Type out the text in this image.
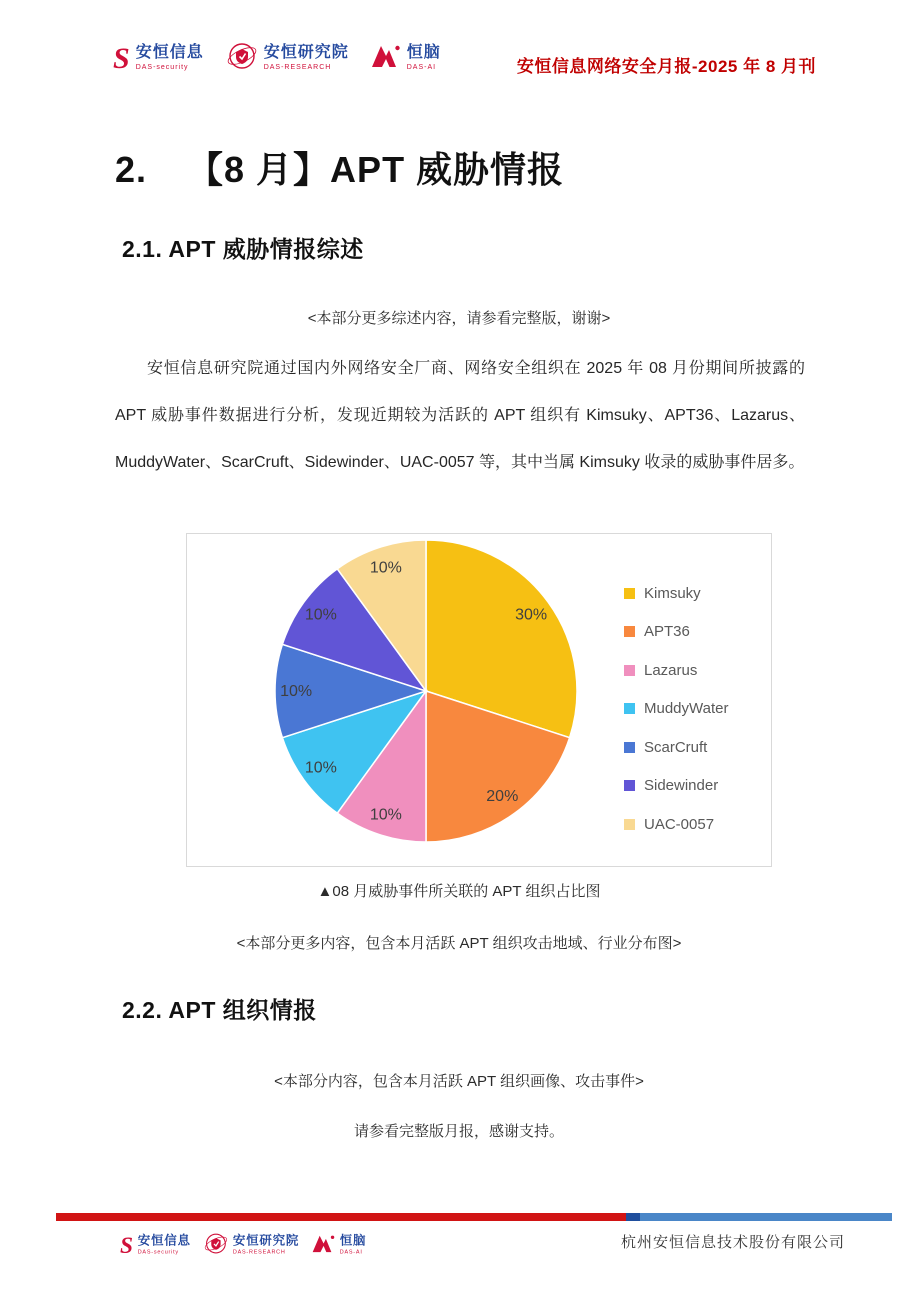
S 安恒信息
DAS-security
安恒研究院
DAS-RESEARCH
恒脑
DAS-AI	安恒信息网络安全月报-2025 年 8 月刊
2. 【8 月】APT 威胁情报
2.1. APT 威胁情报综述
<本部分更多综述内容，请参看完整版，谢谢>
安恒信息研究院通过国内外网络安全厂商、网络安全组织在 2025 年 08 月份期间所披露的 APT 威胁事件数据进行分析，发现近期较为活跃的 APT 组织有 Kimsuky、APT36、Lazarus、MuddyWater、ScarCruft、Sidewinder、UAC-0057 等，其中当属 Kimsuky 收录的威胁事件居多。
30%
20%
10%
10%
10%
10%
10%
Kimsuky
APT36
Lazarus
MuddyWater
ScarCruft
Sidewinder
UAC-0057
▲08 月威胁事件所关联的 APT 组织占比图
<本部分更多内容，包含本月活跃 APT 组织攻击地域、行业分布图>
2.2. APT 组织情报
<本部分内容，包含本月活跃 APT 组织画像、攻击事件>
请参看完整版月报，感谢支持。
S 安恒信息
DAS-security
安恒研究院
DAS-RESEARCH
恒脑
DAS-AI
杭州安恒信息技术股份有限公司
